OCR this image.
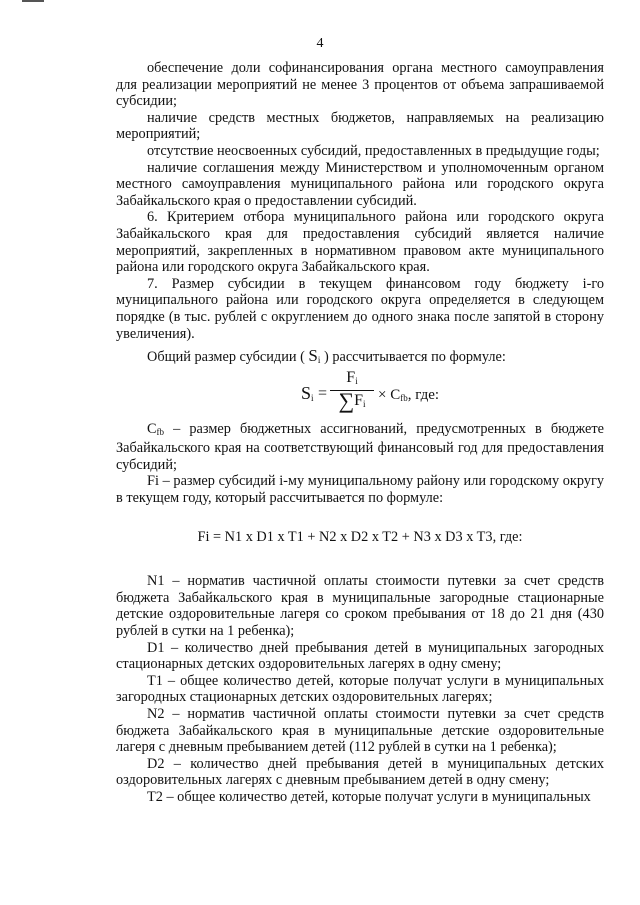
4

обеспечение доли софинансирования органа местного самоуправления для реализации мероприятий не менее 3 процентов от объема запрашиваемой субсидии;

наличие средств местных бюджетов, направляемых на реализацию мероприятий;

отсутствие неосвоенных субсидий, предоставленных в предыдущие годы;

наличие соглашения между Министерством и уполномоченным органом местного самоуправления муниципального района или городского округа Забайкальского края о предоставлении субсидий.

6. Критерием отбора муниципального района или городского округа Забайкальского края для предоставления субсидий является наличие мероприятий, закрепленных в нормативном правовом акте муниципального района или городского округа Забайкальского края.

7. Размер субсидии в текущем финансовом году бюджету i-го муниципального района или городского округа определяется в следующем порядке (в тыс. рублей с округлением до одного знака после запятой в сторону увеличения).

Общий размер субсидии ( $S_i$ ) рассчитывается по формуле:

$S_i = \frac{F_i}{\sum F_i} \times C_{fb}$, где:

$C_{fb}$ – размер бюджетных ассигнований, предусмотренных в бюджете Забайкальского края на соответствующий финансовый год для предоставления субсидий;

Fi – размер субсидий i-му муниципальному району или городскому округу в текущем году, который рассчитывается по формуле:

Fi = N1 x D1 x T1 + N2 x D2 x T2 + N3 x D3 x T3, где:

N1 – норматив частичной оплаты стоимости путевки за счет средств бюджета Забайкальского края в муниципальные загородные стационарные детские оздоровительные лагеря со сроком пребывания от 18 до 21 дня (430 рублей в сутки на 1 ребенка);

D1 – количество дней пребывания детей в муниципальных загородных стационарных детских оздоровительных лагерях в одну смену;

T1 – общее количество детей, которые получат услуги в муниципальных загородных стационарных детских оздоровительных лагерях;

N2 – норматив частичной оплаты стоимости путевки за счет средств бюджета Забайкальского края в муниципальные детские оздоровительные лагеря с дневным пребыванием детей (112 рублей в сутки на 1 ребенка);

D2 – количество дней пребывания детей в муниципальных детских оздоровительных лагерях с дневным пребыванием детей в одну смену;

T2 – общее количество детей, которые получат услуги в муниципальных
